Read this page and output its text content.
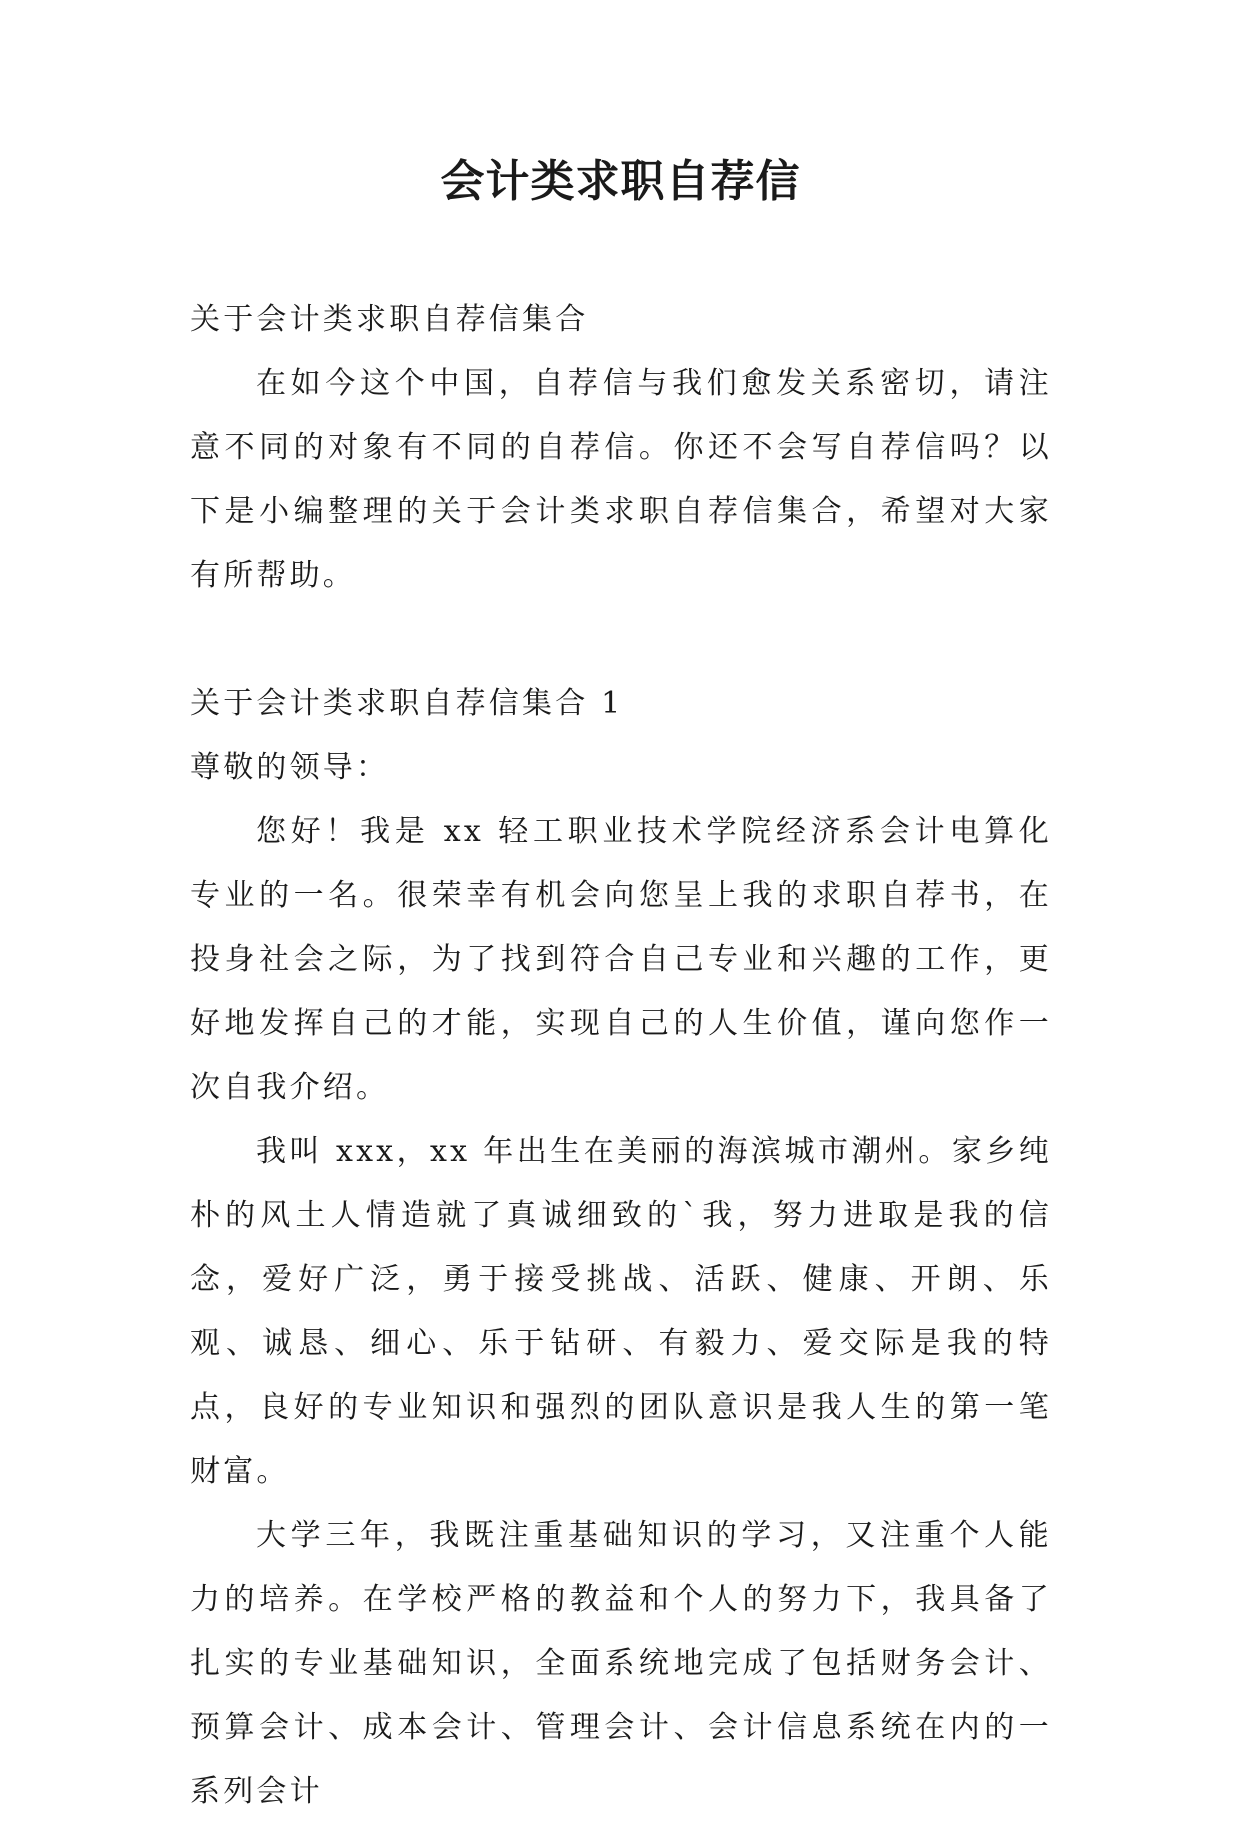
会计类求职自荐信

关于会计类求职自荐信集合

在如今这个中国，自荐信与我们愈发关系密切，请注意不同的对象有不同的自荐信。你还不会写自荐信吗？以下是小编整理的关于会计类求职自荐信集合，希望对大家有所帮助。

关于会计类求职自荐信集合 1

尊敬的领导：

您好！我是 xx 轻工职业技术学院经济系会计电算化专业的一名。很荣幸有机会向您呈上我的求职自荐书，在投身社会之际，为了找到符合自己专业和兴趣的工作，更好地发挥自己的才能，实现自己的人生价值，谨向您作一次自我介绍。

我叫 xxx，xx 年出生在美丽的海滨城市潮州。家乡纯朴的风土人情造就了真诚细致的`我，努力进取是我的信念，爱好广泛，勇于接受挑战、活跃、健康、开朗、乐观、诚恳、细心、乐于钻研、有毅力、爱交际是我的特点，良好的专业知识和强烈的团队意识是我人生的第一笔财富。

大学三年，我既注重基础知识的学习，又注重个人能力的培养。在学校严格的教益和个人的努力下，我具备了扎实的专业基础知识，全面系统地完成了包括财务会计、预算会计、成本会计、管理会计、会计信息系统在内的一系列会计
